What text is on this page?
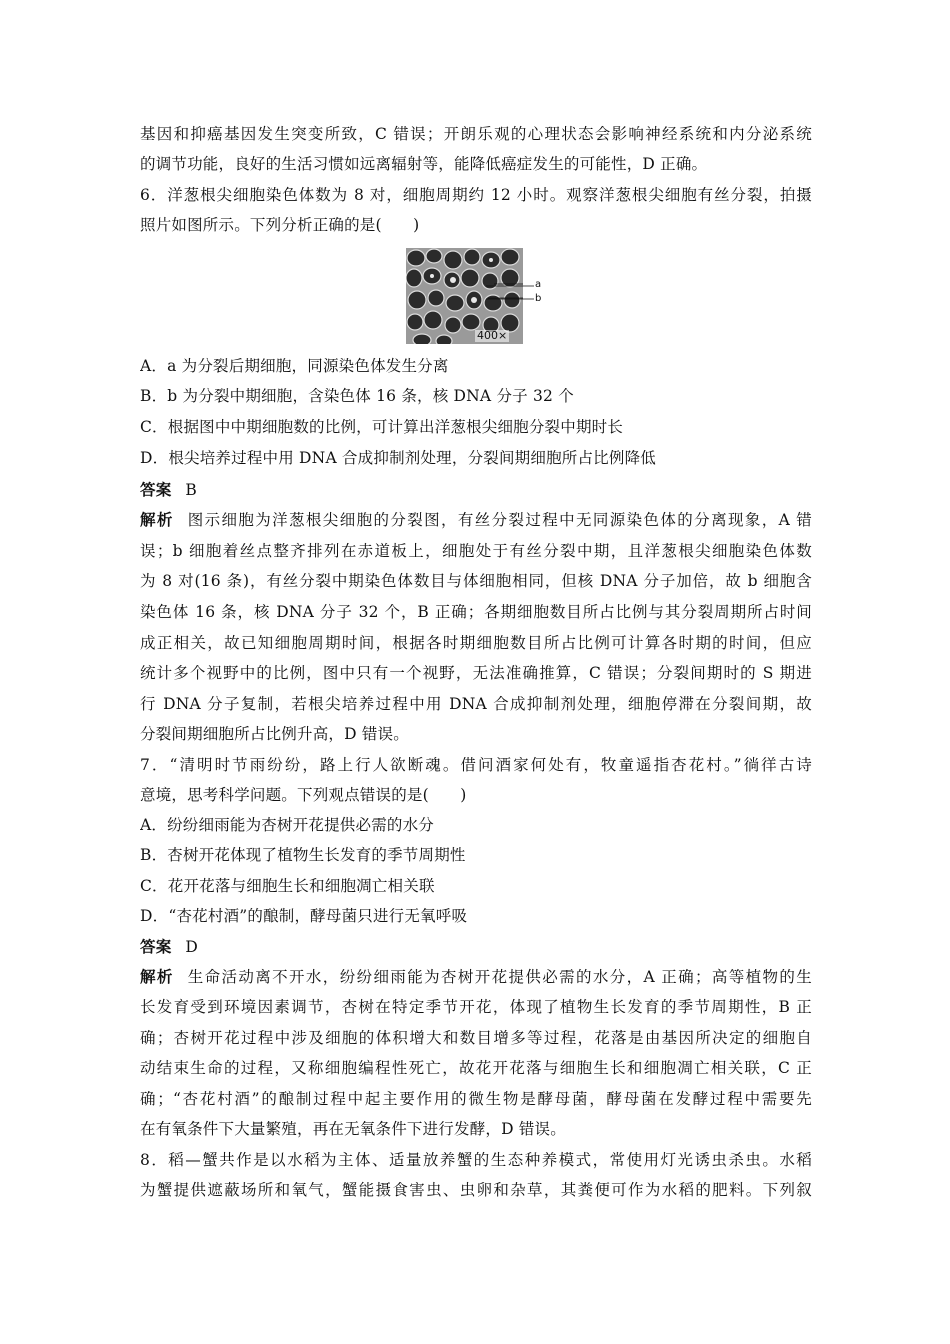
基因和抑癌基因发生突变所致，C 错误；开朗乐观的心理状态会影响神经系统和内分泌系统
的调节功能，良好的生活习惯如远离辐射等，能降低癌症发生的可能性，D 正确。
6．洋葱根尖细胞染色体数为 8 对，细胞周期约 12 小时。观察洋葱根尖细胞有丝分裂，拍摄
照片如图所示。下列分析正确的是(　　)
a
b
400×
A．a 为分裂后期细胞，同源染色体发生分离
B．b 为分裂中期细胞，含染色体 16 条，核 DNA 分子 32 个
C．根据图中中期细胞数的比例，可计算出洋葱根尖细胞分裂中期时长
D．根尖培养过程中用 DNA 合成抑制剂处理，分裂间期细胞所占比例降低
答案 B
解析 图示细胞为洋葱根尖细胞的分裂图，有丝分裂过程中无同源染色体的分离现象，A 错
误；b 细胞着丝点整齐排列在赤道板上，细胞处于有丝分裂中期，且洋葱根尖细胞染色体数
为 8 对(16 条)，有丝分裂中期染色体数目与体细胞相同，但核 DNA 分子加倍，故 b 细胞含
染色体 16 条，核 DNA 分子 32 个，B 正确；各期细胞数目所占比例与其分裂周期所占时间
成正相关，故已知细胞周期时间，根据各时期细胞数目所占比例可计算各时期的时间，但应
统计多个视野中的比例，图中只有一个视野，无法准确推算，C 错误；分裂间期时的 S 期进
行 DNA 分子复制，若根尖培养过程中用 DNA 合成抑制剂处理，细胞停滞在分裂间期，故
分裂间期细胞所占比例升高，D 错误。
7．“清明时节雨纷纷，路上行人欲断魂。借问酒家何处有，牧童遥指杏花村。”徜徉古诗
意境，思考科学问题。下列观点错误的是(　　)
A．纷纷细雨能为杏树开花提供必需的水分
B．杏树开花体现了植物生长发育的季节周期性
C．花开花落与细胞生长和细胞凋亡相关联
D．“杏花村酒”的酿制，酵母菌只进行无氧呼吸
答案 D
解析 生命活动离不开水，纷纷细雨能为杏树开花提供必需的水分，A 正确；高等植物的生
长发育受到环境因素调节，杏树在特定季节开花，体现了植物生长发育的季节周期性，B 正
确；杏树开花过程中涉及细胞的体积增大和数目增多等过程，花落是由基因所决定的细胞自
动结束生命的过程，又称细胞编程性死亡，故花开花落与细胞生长和细胞凋亡相关联，C 正
确；“杏花村酒”的酿制过程中起主要作用的微生物是酵母菌，酵母菌在发酵过程中需要先
在有氧条件下大量繁殖，再在无氧条件下进行发酵，D 错误。
8．稻—蟹共作是以水稻为主体、适量放养蟹的生态种养模式，常使用灯光诱虫杀虫。水稻
为蟹提供遮蔽场所和氧气，蟹能摄食害虫、虫卵和杂草，其粪便可作为水稻的肥料。下列叙
